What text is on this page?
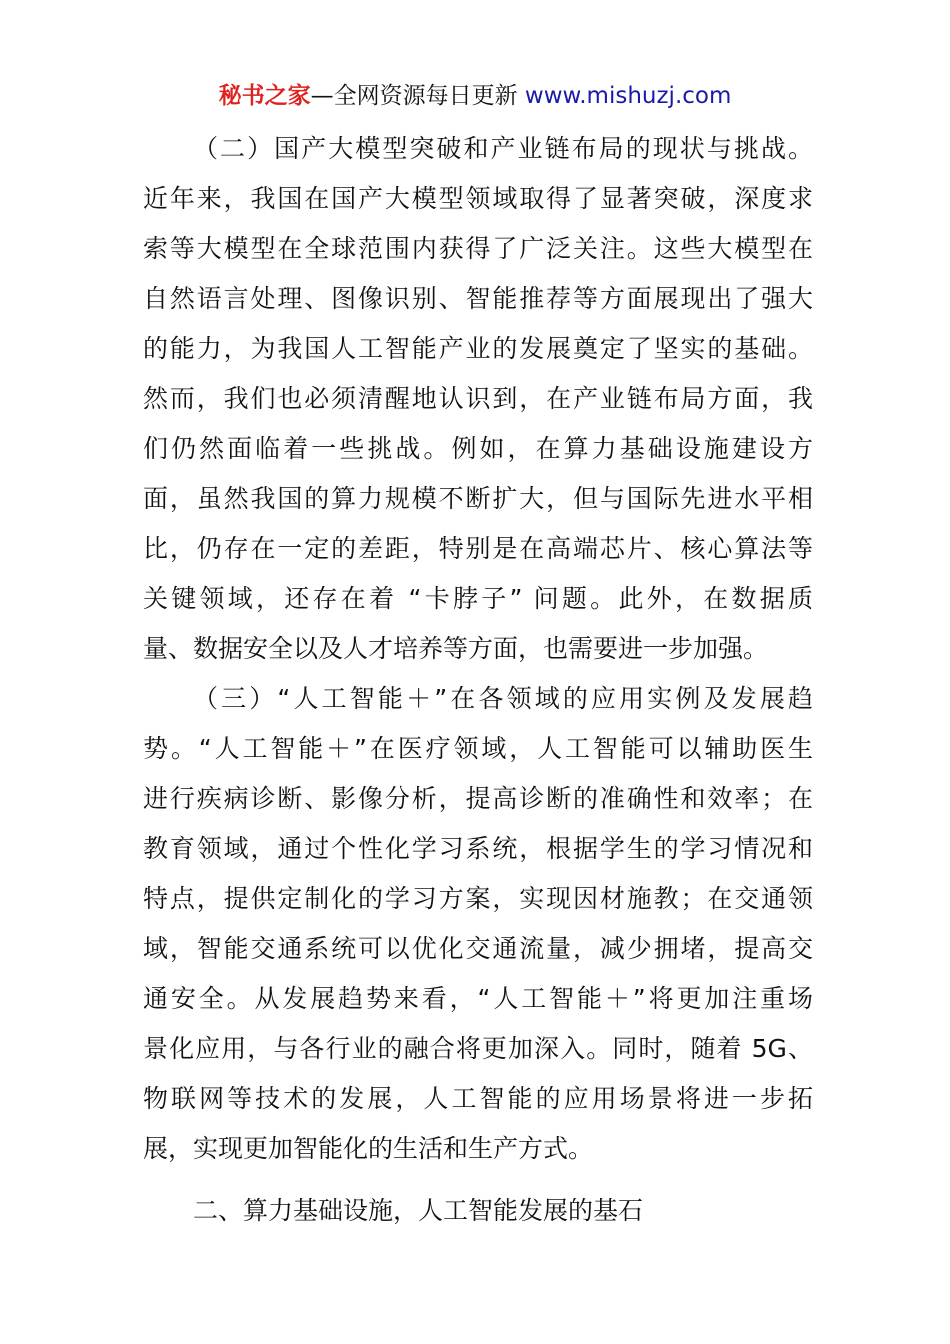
秘书之家—全网资源每日更新 www.mishuzj.com
（二）国产大模型突破和产业链布局的现状与挑战。
近年来，我国在国产大模型领域取得了显著突破，深度求
索等大模型在全球范围内获得了广泛关注。这些大模型在
自然语言处理、图像识别、智能推荐等方面展现出了强大
的能力，为我国人工智能产业的发展奠定了坚实的基础。
然而，我们也必须清醒地认识到，在产业链布局方面，我
们仍然面临着一些挑战。例如，在算力基础设施建设方
面，虽然我国的算力规模不断扩大，但与国际先进水平相
比，仍存在一定的差距，特别是在高端芯片、核心算法等
关键领域，还存在着 “卡脖子” 问题。此外，在数据质
量、数据安全以及人才培养等方面，也需要进一步加强。
（三）“人工智能＋”在各领域的应用实例及发展趋
势。“人工智能＋”在医疗领域，人工智能可以辅助医生
进行疾病诊断、影像分析，提高诊断的准确性和效率；在
教育领域，通过个性化学习系统，根据学生的学习情况和
特点，提供定制化的学习方案，实现因材施教；在交通领
域，智能交通系统可以优化交通流量，减少拥堵，提高交
通安全。从发展趋势来看，“人工智能＋”将更加注重场
景化应用，与各行业的融合将更加深入。同时，随着 5G、
物联网等技术的发展，人工智能的应用场景将进一步拓
展，实现更加智能化的生活和生产方式。
二、算力基础设施，人工智能发展的基石
